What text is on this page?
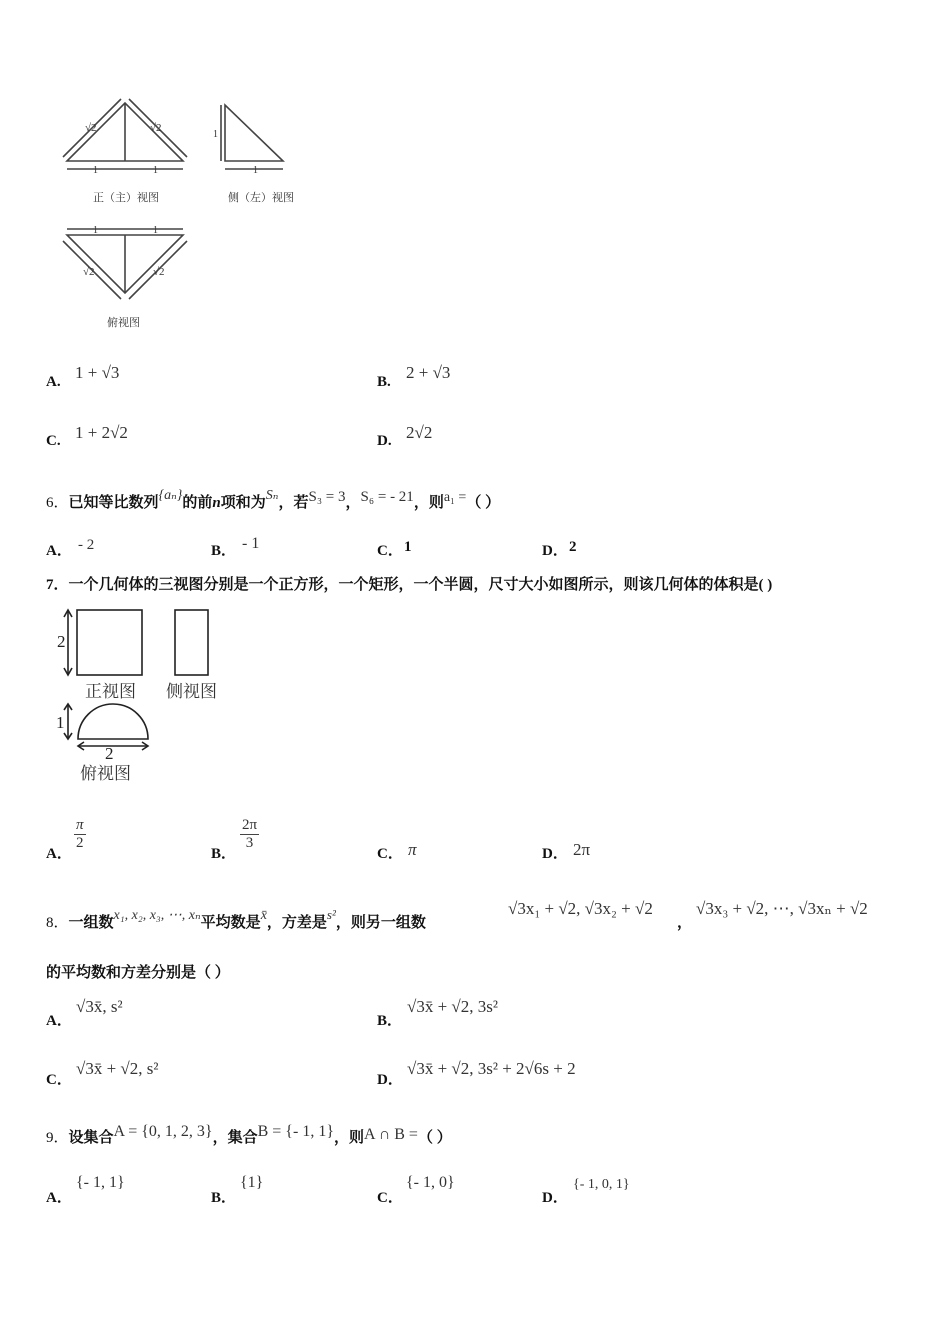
√2	√2
1	1
1
1
1	1
√2	√2
正（主）视图	侧（左）视图
俯视图
A. 1 + √3	B. 2 + √3
C. 1 + 2√2	D. 2√2
6．已知等比数列{aₙ}的前n项和为Sₙ，若S₃ = 3，S₆ = - 21，则a₁ =（ ）
A． - 2	B． - 1	C． 1	D． 2
7．一个几何体的三视图分别是一个正方形，一个矩形，一个半圆，尺寸大小如图所示，则该几何体的体积是( )
2
1
2
正视图 侧视图
俯视图
A．
$\frac{\pi}{2}$
B．
$\frac{2\pi}{3}$
C． π	D． 2π
8．一组数x₁, x₂, x₃, ⋯, xₙ平均数是x̄，方差是s²，则另一组数
√3x₁ + √2, √3x₂ + √2
，
√3x₃ + √2, ⋯, √3xₙ + √2
的平均数和方差分别是（ ）
A．
√3x̄, s²
B．
√3x̄ + √2, 3s²
C．
√3x̄ + √2, s²
D．
√3x̄ + √2, 3s² + 2√6s + 2
9．设集合A = {0, 1, 2, 3}，集合B = {- 1, 1}，则A ∩ B =（ ）
A．
{- 1, 1}
B．
{1}
C．
{- 1, 0}
D．
{- 1, 0, 1}
